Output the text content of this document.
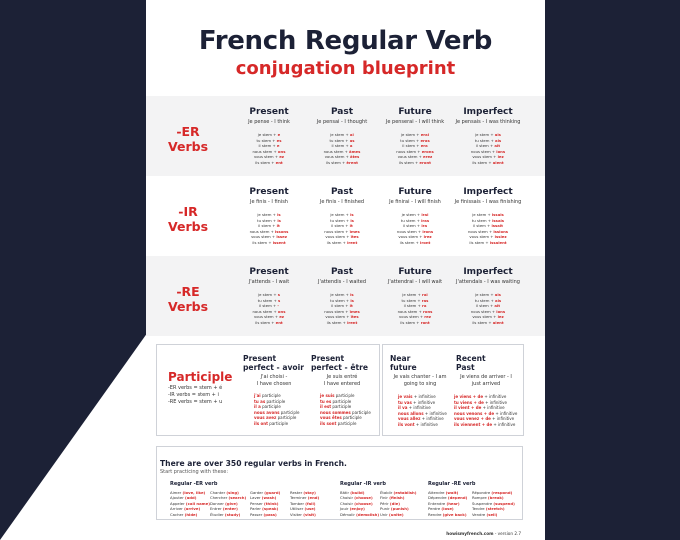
French Regular Verb
conjugation blueprint
-ER
Verbs
-IR
Verbs
-RE
Verbs
Present
Je pense - I think
je stem + e
tu stem + es
il stem + e
nous stem + ons
vous stem + ez
ils stem + ent
Past
Je pensai - I thought
je stem + ai
tu stem + as
il stem + a
nous stem + âmes
vous stem + âtes
ils stem + èrent
Future
Je penserai - I will think
je stem + erai
tu stem + eras
il stem + era
nous stem + erons
vous stem + erez
ils stem + eront
Imperfect
Je pensais - I was thinking
je stem + ais
tu stem + ais
il stem + ait
nous stem + ions
vous stem + iez
ils stem + aient
Present
Je finis - I finish
je stem + is
tu stem + is
il stem + it
nous stem + issons
vous stem + issez
ils stem + issent
Past
Je finis - I finished
je stem + is
tu stem + is
il stem + it
nous stem + îmes
vous stem + îtes
ils stem + irent
Future
Je finirai - I will finish
je stem + irai
tu stem + iras
il stem + ira
nous stem + irons
vous stem + irez
ils stem + iront
Imperfect
Je finissais - I was finishing
je stem + issais
tu stem + issais
il stem + issait
nous stem + issions
vous stem + issiez
ils stem + issaient
Present
J'attends - I wait
je stem + s
tu stem + s
il stem + -
nous stem + ons
vous stem + ez
ils stem + ent
Past
J'attendis - I waited
je stem + is
tu stem + is
il stem + it
nous stem + îmes
vous stem + îtes
ils stem + irent
Future
J'attendrai - I will wait
je stem + rai
tu stem + ras
il stem + ra
nous stem + rons
vous stem + rez
ils stem + ront
Imperfect
J'attendais - I was waiting
je stem + ais
tu stem + ais
il stem + ait
nous stem + ions
vous stem + iez
ils stem + aient
Participle
-ER verbs = stem + é
-IR verbs = stem + i
-RE verbs = stem + u
Present
perfect - avoir
J'ai choisi -
I have chosen
j'ai participle
tu as participle
il a participle
nous avons participle
vous avez participle
ils ont participle
Present
perfect - être
Je suis entré
I have entered
je suis participle
tu es participle
il est participle
nous sommes participle
vous êtes participle
ils sont participle
Near
future
Je vais chanter - I am
going to sing
je vais + infinitive
tu vas + infinitive
il va + infinitive
nous allons + infinitive
vous allez + infinitive
ils vont + infinitive
Recent
Past
Je viens de arriver - I
just arrived
je viens + de + infinitive
tu viens + de + infinitive
il vient + de + infinitive
nous venons + de + infinitive
vous venez + de + infinitive
ils viennent + de + infinitive
There are over 350 regular verbs in French.
Start practicing with these:
Regular -ER verb	Regular -IR verb	Regular -RE verb
Aimer (love, like)
Ajouter (add)
Appeler (call name)
Arriver (arrive)
Cacher (hide)
Chanter (sing)
Chercher (search)
Donner (give)
Entrer (enter)
Étudier (study)
Garder (guard)
Laver (wash)
Penser (think)
Parler (speak)
Passer (pass)
Rester (stay)
Terminer (end)
Tomber (fall)
Utiliser (use)
Visiter (visit)
Bâtir (build)
Choisir (choose)
Choisir (choose)
Jouir (enjoy)
Démolir (demolish)
Établir (establish)
Finir (finish)
Périr (die)
Punir (punish)
Unir (unite)
Attendre (wait)
Dépendre (depend)
Entendre (hear)
Perdre (lose)
Rendre (give back)
Répondre (respond)
Rompre (break)
Suspendre (suspend)
Tendre (stretch)
Vendre (sell)
howismyfrench.com - version 2.7
